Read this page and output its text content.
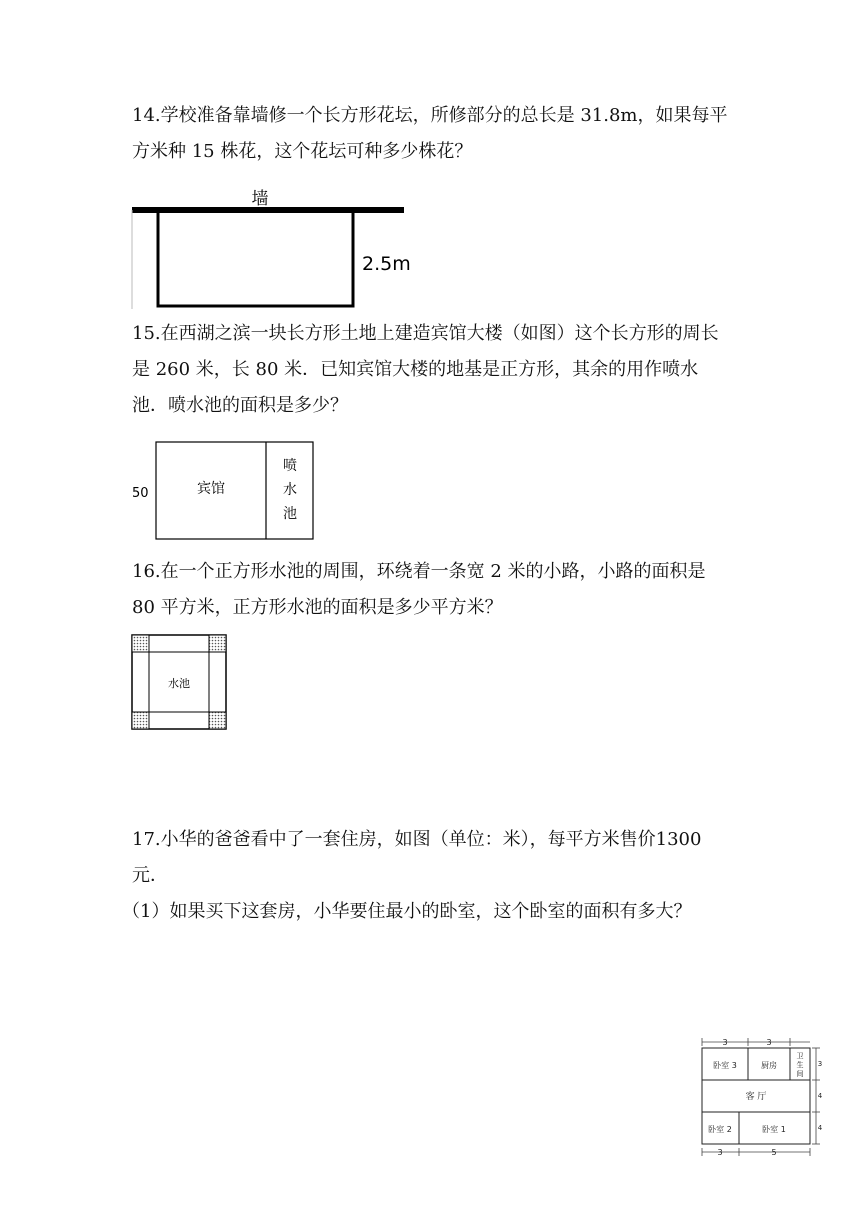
14.学校准备靠墙修一个长方形花坛，所修部分的总长是 31.8m，如果每平方米种 15 株花，这个花坛可种多少株花？

墙
2.5m

15.在西湖之滨一块长方形土地上建造宾馆大楼（如图）这个长方形的周长是 260 米，长 80 米．已知宾馆大楼的地基是正方形，其余的用作喷水池．喷水池的面积是多少？

50	宾馆
喷
水
池

16.在一个正方形水池的周围，环绕着一条宽 2 米的小路，小路的面积是 80 平方米，正方形水池的面积是多少平方米？

水池

17.小华的爸爸看中了一套住房，如图（单位：米），每平方米售价1300 元．

（1）如果买下这套房，小华要住最小的卧室，这个卧室的面积有多大？

3	3
卧室 3	厨房
卫
生
间
客 厅
卧室 2	卧室 1
3	5
3
4
4
